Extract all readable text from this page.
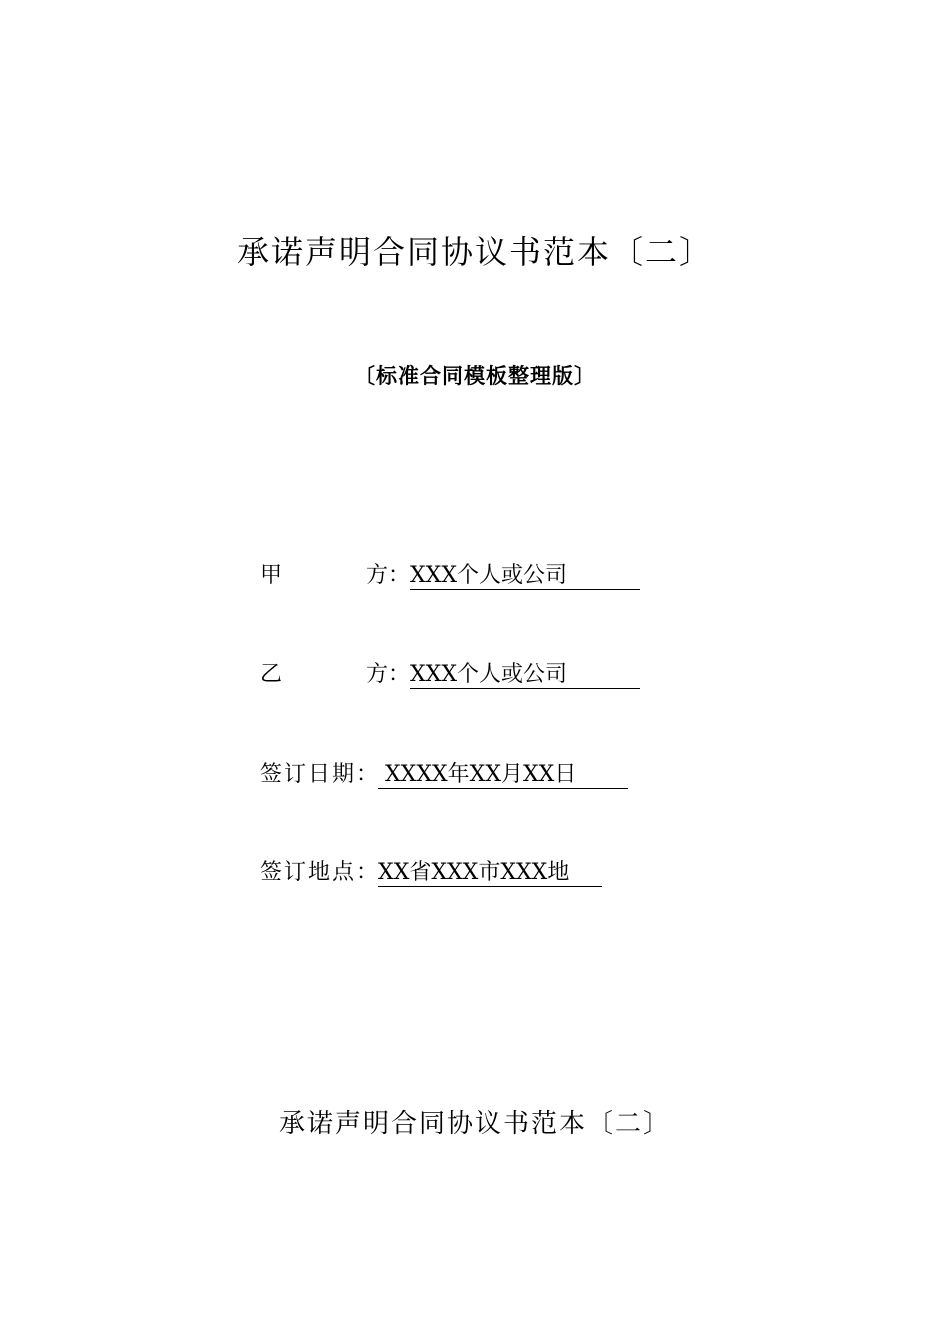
承诺声明合同协议书范本〔二〕
〔标准合同模板整理版〕
甲	方 ： XXX个人或公司
乙	方 ： XXX个人或公司
签订日期 ： XXXX年XX月XX日
签订地点 ： XX省XXX市XXX地
承诺声明合同协议书范本〔二〕
